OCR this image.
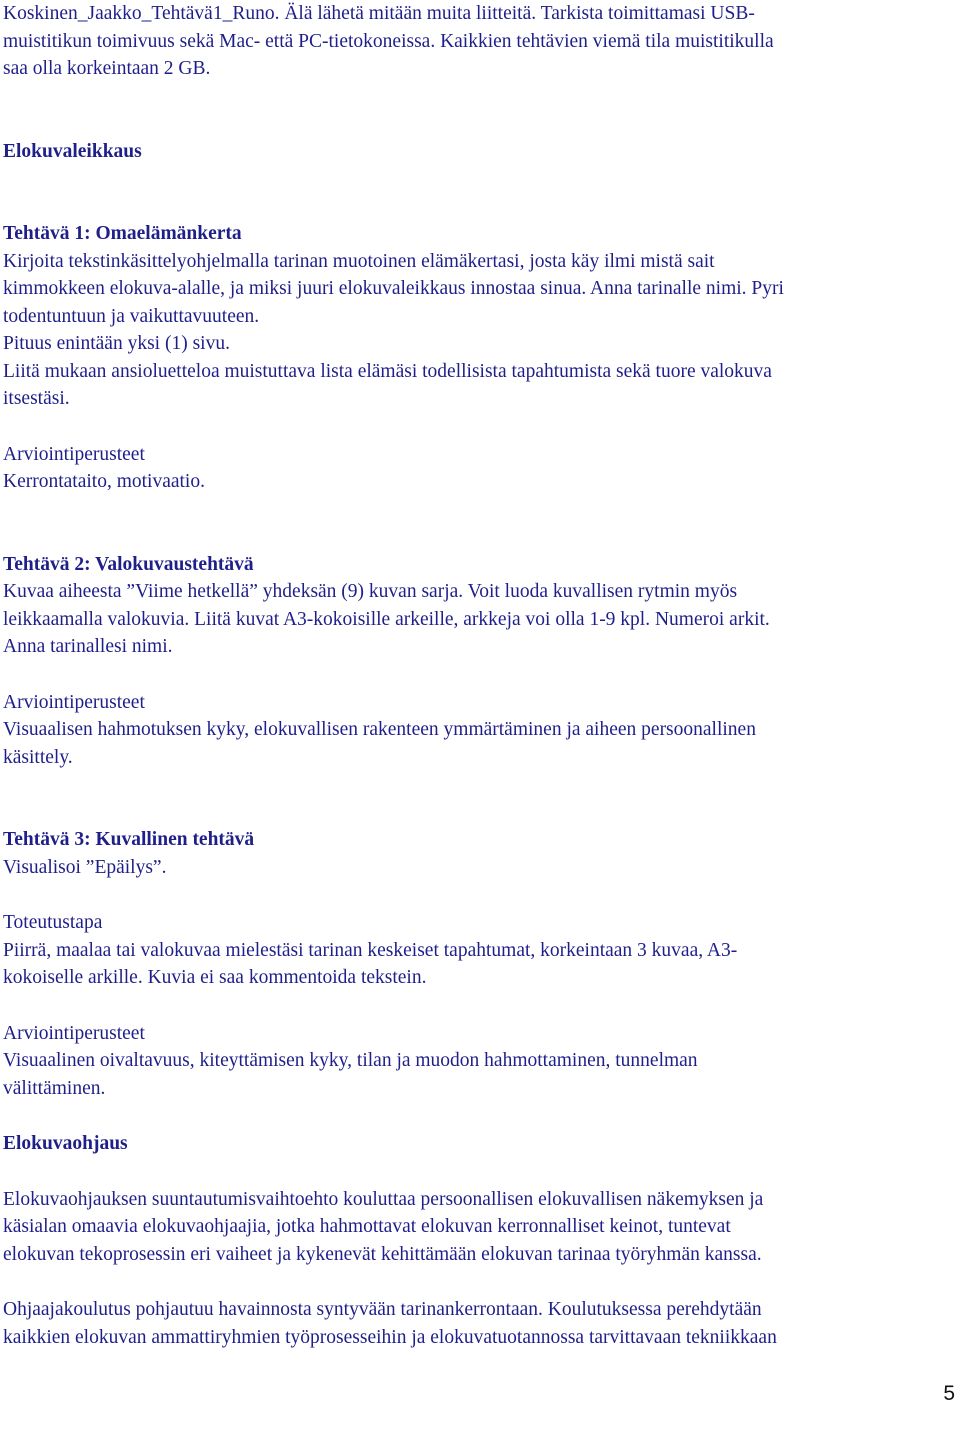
Koskinen_Jaakko_Tehtävä1_Runo. Älä lähetä mitään muita liitteitä. Tarkista toimittamasi USB-
muistitikun toimivuus sekä Mac- että PC-tietokoneissa. Kaikkien tehtävien viemä tila muistitikulla
saa olla korkeintaan 2 GB.
Elokuvaleikkaus
Tehtävä 1: Omaelämänkerta
Kirjoita tekstinkäsittelyohjelmalla tarinan muotoinen elämäkertasi, josta käy ilmi mistä sait
kimmokkeen elokuva-alalle, ja miksi juuri elokuvaleikkaus innostaa sinua. Anna tarinalle nimi. Pyri
todentuntuun ja vaikuttavuuteen.
Pituus enintään yksi (1) sivu.
Liitä mukaan ansioluetteloa muistuttava lista elämäsi todellisista tapahtumista sekä tuore valokuva
itsestäsi.
Arviointiperusteet
Kerrontataito, motivaatio.
Tehtävä 2: Valokuvaustehtävä
Kuvaa aiheesta ”Viime hetkellä” yhdeksän (9) kuvan sarja. Voit luoda kuvallisen rytmin myös
leikkaamalla valokuvia. Liitä kuvat A3-kokoisille arkeille, arkkeja voi olla 1-9 kpl. Numeroi arkit.
Anna tarinallesi nimi.
Arviointiperusteet
Visuaalisen hahmotuksen kyky, elokuvallisen rakenteen ymmärtäminen ja aiheen persoonallinen
käsittely.
Tehtävä 3: Kuvallinen tehtävä
Visualisoi ”Epäilys”.
Toteutustapa
Piirrä, maalaa tai valokuvaa mielestäsi tarinan keskeiset tapahtumat, korkeintaan 3 kuvaa, A3-
kokoiselle arkille. Kuvia ei saa kommentoida tekstein.
Arviointiperusteet
Visuaalinen oivaltavuus, kiteyttämisen kyky, tilan ja muodon hahmottaminen, tunnelman
välittäminen.
Elokuvaohjaus
Elokuvaohjauksen suuntautumisvaihtoehto kouluttaa persoonallisen elokuvallisen näkemyksen ja
käsialan omaavia elokuvaohjaajia, jotka hahmottavat elokuvan kerronnalliset keinot, tuntevat
elokuvan tekoprosessin eri vaiheet ja kykenevät kehittämään elokuvan tarinaa työryhmän kanssa.
Ohjaajakoulutus pohjautuu havainnosta syntyvään tarinankerrontaan. Koulutuksessa perehdytään
kaikkien elokuvan ammattiryhmien työprosesseihin ja elokuvatuotannossa tarvittavaan tekniikkaan
5
